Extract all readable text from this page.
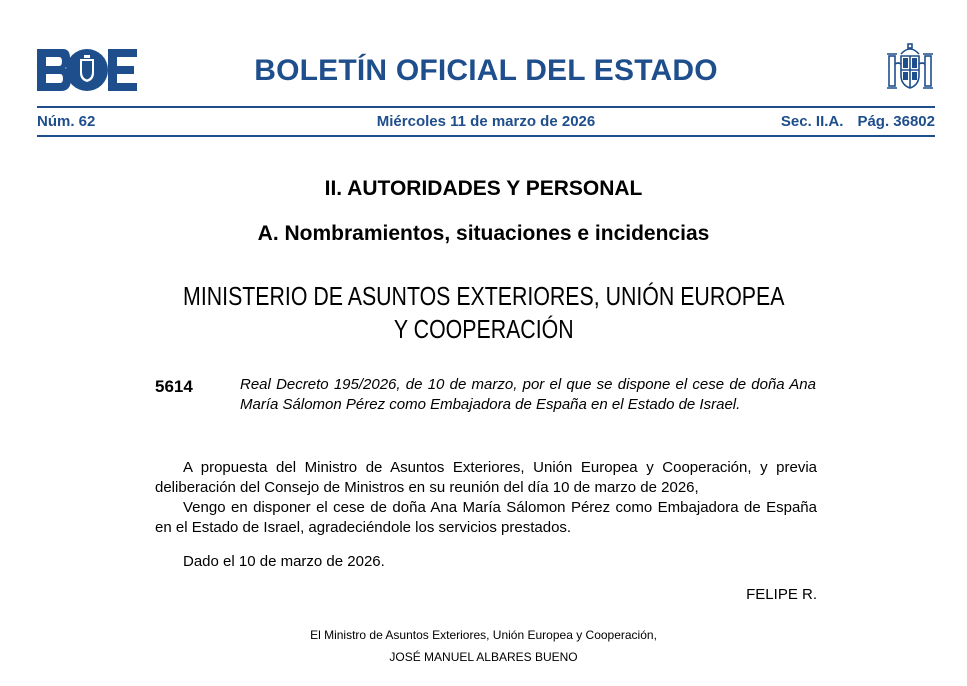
BOLETÍN OFICIAL DEL ESTADO
Núm. 62	Miércoles 11 de marzo de 2026	Sec. II.A. Pág. 36802
II. AUTORIDADES Y PERSONAL
A. Nombramientos, situaciones e incidencias
MINISTERIO DE ASUNTOS EXTERIORES, UNIÓN EUROPEA
Y COOPERACIÓN
5614	Real Decreto 195/2026, de 10 de marzo, por el que se dispone el cese de doña Ana María Sálomon Pérez como Embajadora de España en el Estado de Israel.
A propuesta del Ministro de Asuntos Exteriores, Unión Europea y Cooperación, y previa deliberación del Consejo de Ministros en su reunión del día 10 de marzo de 2026,
Vengo en disponer el cese de doña Ana María Sálomon Pérez como Embajadora de España en el Estado de Israel, agradeciéndole los servicios prestados.
Dado el 10 de marzo de 2026.
FELIPE R.
El Ministro de Asuntos Exteriores, Unión Europea y Cooperación,
JOSÉ MANUEL ALBARES BUENO
